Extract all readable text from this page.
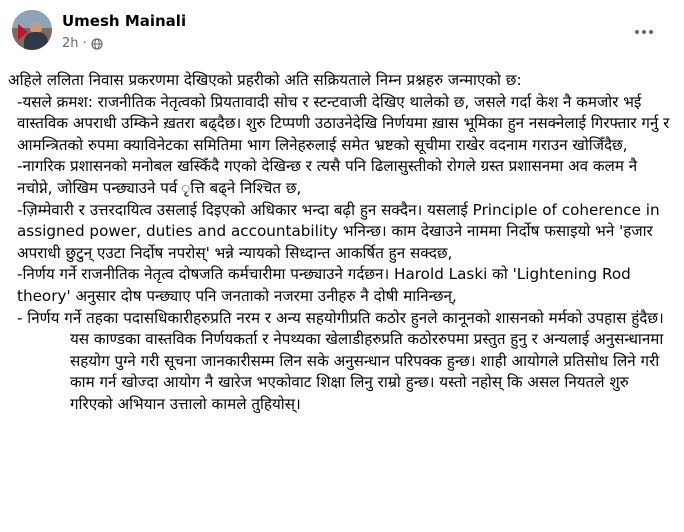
Umesh Mainali
2h ·

अहिले ललिता निवास प्रकरणमा देखिएको प्रहरीको अति सक्रियताले निम्न प्रश्नहरु जन्माएको छ:

-यसले क्रमश: राजनीतिक नेतृत्वको प्रियतावादी सोच र स्टन्टवाजी देखिए थालेको छ, जसले गर्दा केश नै कमजोर भई वास्तविक अपराधी उम्किने ख़तरा बढ्दैछ। शुरु टिप्पणी उठाउनेदेखि निर्णयमा ख़ास भूमिका हुन नसक्नेलाई गिरफ्तार गर्नु र आमन्त्रितको रुपमा क्याविनेटका समितिमा भाग लिनेहरुलाई समेत भ्रष्टको सूचीमा राखेर वदनाम गराउन खोजिँदैछ,

-नागरिक प्रशासनको मनोबल खस्किँदै गएको देखिन्छ र त्यसै पनि ढिलासुस्तीको रोगले ग्रस्त प्रशासनमा अव कलम नै नचोप्ने, जोखिम पन्छ्याउने पर्व ृत्ति बढ्ने निश्चित छ,

-ज़िम्मेवारी र उत्तरदायित्व उसलाई दिइएको अधिकार भन्दा बढ़ी हुन सक्दैन। यसलाई Principle of coherence in assigned power, duties and accountability भनिन्छ। काम देखाउने नाममा निर्दोष फसाइयो भने 'हजार अपराधी छुटुन् एउटा निर्दोष नपरोस्' भन्ने न्यायको सिध्दान्त आकर्षित हुन सक्दछ,

-निर्णय गर्ने राजनीतिक नेतृत्व दोषजति कर्मचारीमा पन्छ्याउने गर्दछन। Harold Laski को 'Lightening Rod theory' अनुसार दोष पन्छ्याए पनि जनताको नजरमा उनीहरु नै दोषी मानिन्छन्,

- निर्णय गर्ने तहका पदासधिकारीहरुप्रति नरम र अन्य सहयोगीप्रति कठोर हुनले कानूनको शासनको मर्मको उपहास हुंदैछ।

यस काण्डका वास्तविक निर्णयकर्ता र नेपथ्यका खेलाडीहरुप्रति कठोररुपमा प्रस्तुत हुनु र अन्यलाई अनुसन्धानमा सहयोग पुग्ने गरी सूचना जानकारीसम्म लिन सके अनुसन्धान परिपक्क हुन्छ। शाही आयोगले प्रतिसोध लिने गरी काम गर्न खोज्दा आयोग नै खारेज भएकोवाट शिक्षा लिनु राम्रो हुन्छ। यस्तो नहोस् कि असल नियतले शुरु गरिएको अभियान उत्तालो कामले तुहियोस्।
